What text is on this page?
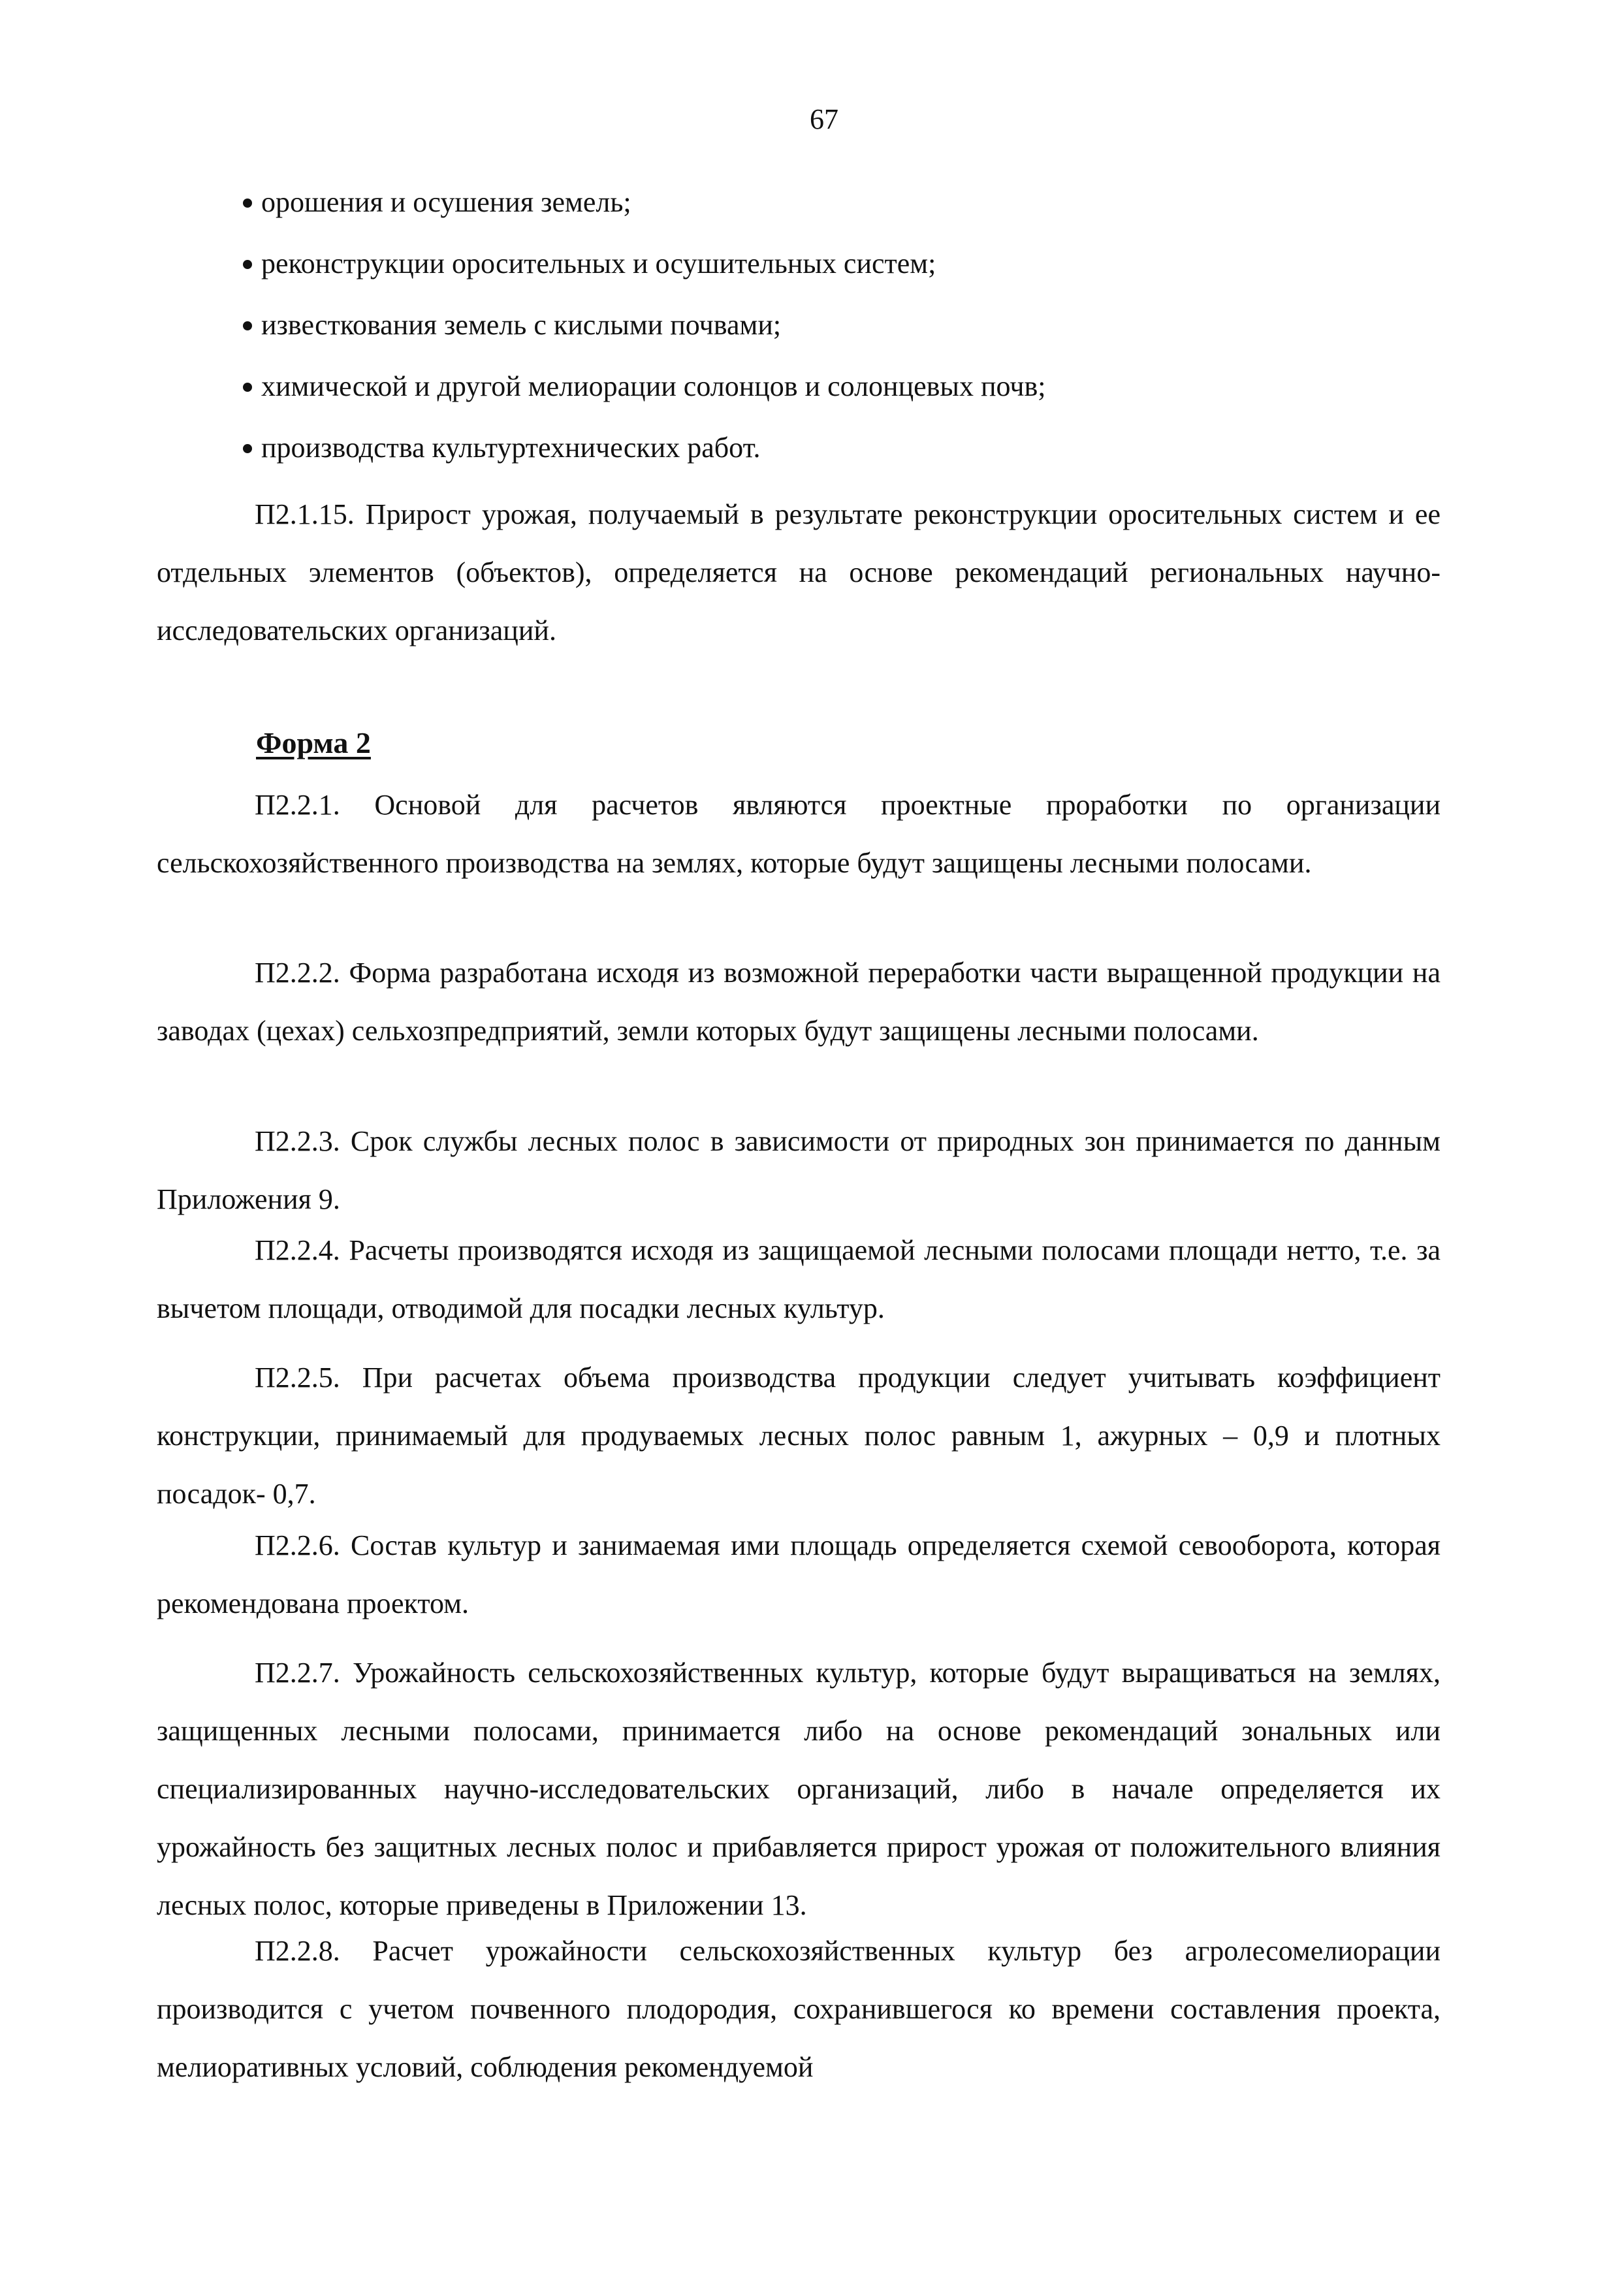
67
орошения и осушения земель;
реконструкции оросительных и осушительных систем;
известкования земель с кислыми почвами;
химической и другой мелиорации солонцов и солонцевых почв;
производства культуртехнических работ.

П2.1.15. Прирост урожая, получаемый в результате реконструкции оросительных систем и ее отдельных элементов (объектов), определяется на основе рекомендаций региональных научно-исследовательских организаций.

Форма 2

П2.2.1. Основой для расчетов являются проектные проработки по организации сельскохозяйственного производства на землях, которые будут защищены лесными полосами.

П2.2.2. Форма разработана исходя из возможной переработки части выращенной продукции на заводах (цехах) сельхозпредприятий, земли которых будут защищены лесными полосами.

П2.2.3. Срок службы лесных полос в зависимости от природных зон принимается по данным Приложения 9.

П2.2.4. Расчеты производятся исходя из защищаемой лесными полосами площади нетто, т.е. за вычетом площади, отводимой для посадки лесных культур.

П2.2.5. При расчетах объема производства продукции следует учитывать коэффициент конструкции, принимаемый для продуваемых лесных полос равным 1, ажурных – 0,9 и плотных посадок- 0,7.

П2.2.6. Состав культур и занимаемая ими площадь определяется схемой севооборота, которая рекомендована проектом.

П2.2.7. Урожайность сельскохозяйственных культур, которые будут выращиваться на землях, защищенных лесными полосами, принимается либо на основе рекомендаций зональных или специализированных научно-исследовательских организаций, либо в начале определяется их урожайность без защитных лесных полос и прибавляется прирост урожая от положительного влияния лесных полос, которые приведены в Приложении 13.

П2.2.8. Расчет урожайности сельскохозяйственных культур без агролесомелиорации производится с учетом почвенного плодородия, сохранившегося ко времени составления проекта, мелиоративных условий, соблюдения рекомендуемой
